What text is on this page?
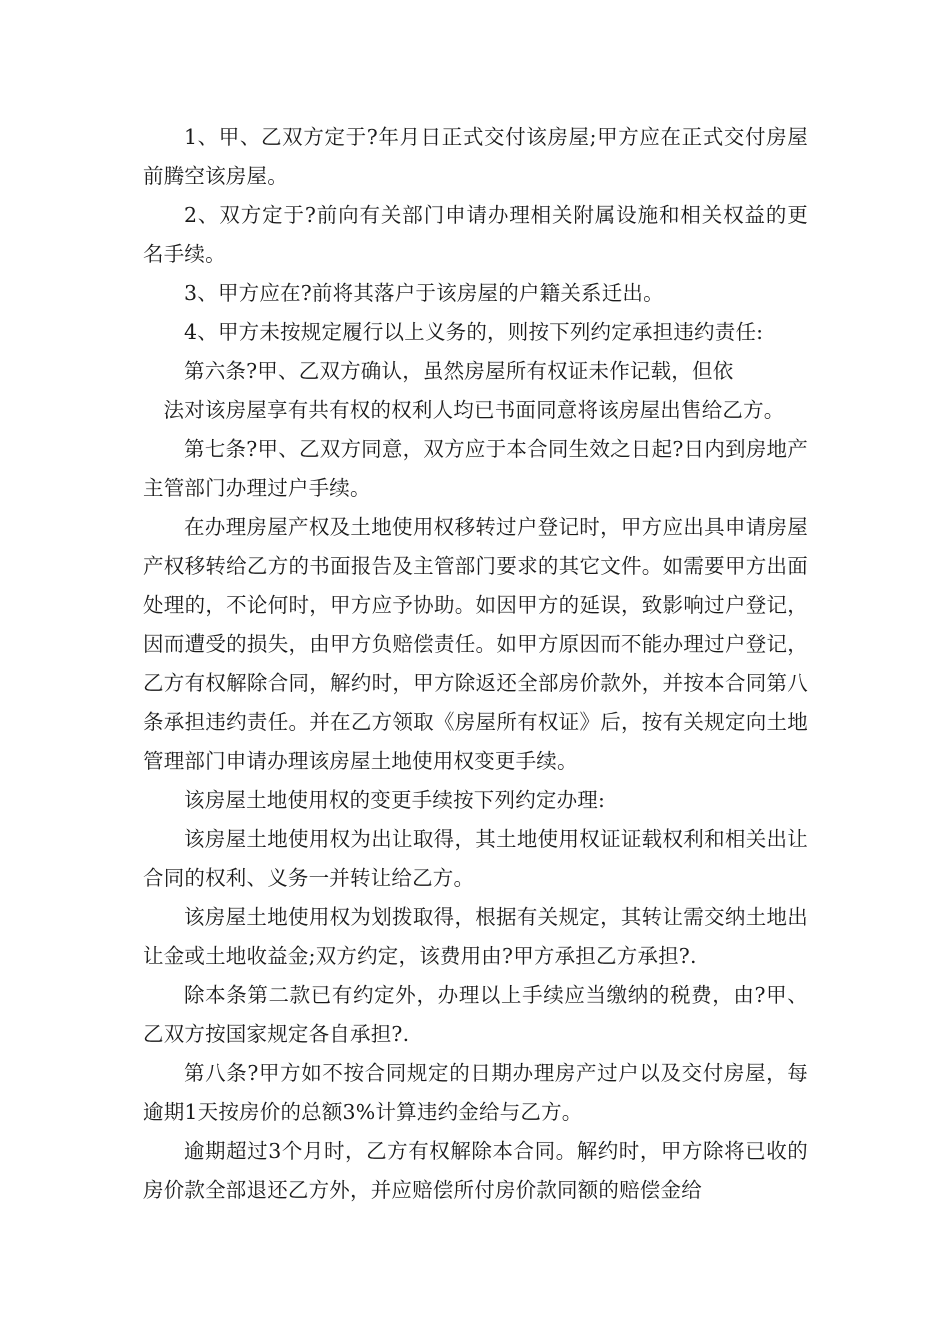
1、甲、乙双方定于?年月日正式交付该房屋;甲方应在正式交付房屋前腾空该房屋。

2、双方定于?前向有关部门申请办理相关附属设施和相关权益的更名手续。

3、甲方应在?前将其落户于该房屋的户籍关系迁出。

4、甲方未按规定履行以上义务的，则按下列约定承担违约责任:

第六条?甲、乙双方确认，虽然房屋所有权证未作记载，但依

法对该房屋享有共有权的权利人均已书面同意将该房屋出售给乙方。

第七条?甲、乙双方同意，双方应于本合同生效之日起?日内到房地产主管部门办理过户手续。

在办理房屋产权及土地使用权移转过户登记时，甲方应出具申请房屋产权移转给乙方的书面报告及主管部门要求的其它文件。如需要甲方出面处理的，不论何时，甲方应予协助。如因甲方的延误，致影响过户登记，因而遭受的损失，由甲方负赔偿责任。如甲方原因而不能办理过户登记，乙方有权解除合同，解约时，甲方除返还全部房价款外，并按本合同第八条承担违约责任。并在乙方领取《房屋所有权证》后，按有关规定向土地管理部门申请办理该房屋土地使用权变更手续。

该房屋土地使用权的变更手续按下列约定办理:

该房屋土地使用权为出让取得，其土地使用权证证载权利和相关出让合同的权利、义务一并转让给乙方。

该房屋土地使用权为划拨取得，根据有关规定，其转让需交纳土地出让金或土地收益金;双方约定，该费用由?甲方承担乙方承担?.

除本条第二款已有约定外，办理以上手续应当缴纳的税费，由?甲、乙双方按国家规定各自承担?.

第八条?甲方如不按合同规定的日期办理房产过户以及交付房屋，每逾期1天按房价的总额3%计算违约金给与乙方。

逾期超过3个月时，乙方有权解除本合同。解约时，甲方除将已收的房价款全部退还乙方外，并应赔偿所付房价款同额的赔偿金给
